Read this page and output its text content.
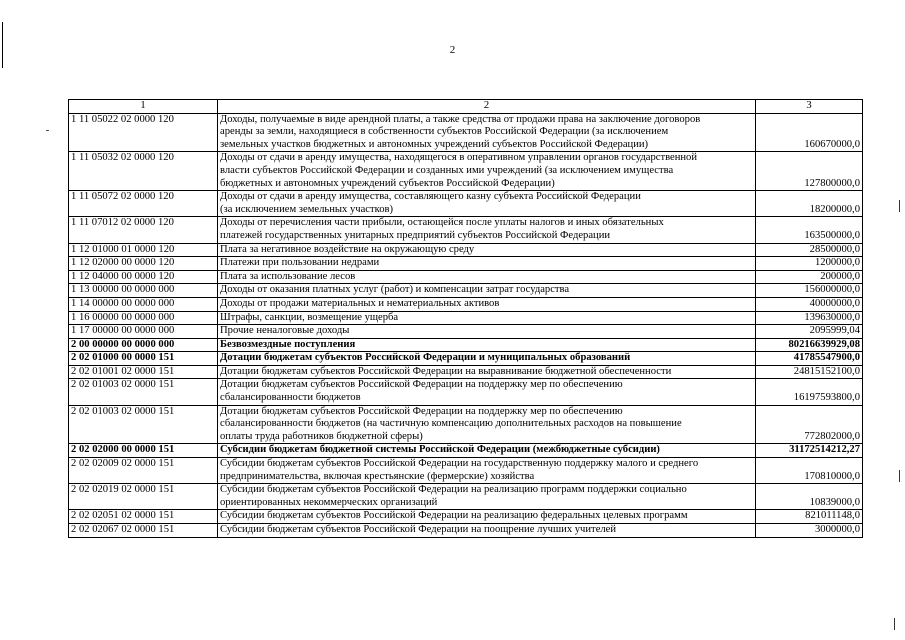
2
1	2	3
1 11 05022 02 0000 120	Доходы, получаемые в виде арендной платы, а также средства от продажи права на заключение договоров
аренды за земли, находящиеся в собственности субъектов Российской Федерации (за исключением
земельных участков бюджетных и автономных учреждений субъектов Российской Федерации)	160670000,0
1 11 05032 02 0000 120	Доходы от сдачи в аренду имущества, находящегося в оперативном управлении органов государственной
власти субъектов Российской Федерации и созданных ими учреждений (за исключением имущества
бюджетных и автономных учреждений субъектов Российской Федерации)	127800000,0
1 11 05072 02 0000 120	Доходы от сдачи в аренду имущества, составляющего казну субъекта Российской Федерации
(за исключением земельных участков)	18200000,0
1 11 07012 02 0000 120	Доходы от перечисления части прибыли, остающейся после уплаты налогов и иных обязательных
платежей государственных унитарных предприятий субъектов Российской Федерации	163500000,0
1 12 01000 01 0000 120	Плата за негативное воздействие на окружающую среду	28500000,0
1 12 02000 00 0000 120	Платежи при пользовании недрами	1200000,0
1 12 04000 00 0000 120	Плата за использование лесов	200000,0
1 13 00000 00 0000 000	Доходы от оказания платных услуг (работ) и компенсации затрат государства	156000000,0
1 14 00000 00 0000 000	Доходы от продажи материальных и нематериальных активов	40000000,0
1 16 00000 00 0000 000	Штрафы, санкции, возмещение ущерба	139630000,0
1 17 00000 00 0000 000	Прочие неналоговые доходы	2095999,04
2 00 00000 00 0000 000	Безвозмездные поступления	80216639929,08
2 02 01000 00 0000 151	Дотации бюджетам субъектов Российской Федерации и муниципальных образований	41785547900,0
2 02 01001 02 0000 151	Дотации бюджетам субъектов Российской Федерации на выравнивание бюджетной обеспеченности	24815152100,0
2 02 01003 02 0000 151	Дотации бюджетам субъектов Российской Федерации на поддержку мер по обеспечению
сбалансированности бюджетов	16197593800,0
2 02 01003 02 0000 151	Дотации бюджетам субъектов Российской Федерации на поддержку мер по обеспечению
сбалансированности бюджетов (на частичную компенсацию дополнительных расходов на повышение
оплаты труда работников бюджетной сферы)	772802000,0
2 02 02000 00 0000 151	Субсидии бюджетам бюджетной системы Российской Федерации (межбюджетные субсидии)	31172514212,27
2 02 02009 02 0000 151	Субсидии бюджетам субъектов Российской Федерации на государственную поддержку малого и среднего
предпринимательства, включая крестьянские (фермерские) хозяйства	170810000,0
2 02 02019 02 0000 151	Субсидии бюджетам субъектов Российской Федерации на реализацию программ поддержки социально
ориентированных некоммерческих организаций	10839000,0
2 02 02051 02 0000 151	Субсидии бюджетам субъектов Российской Федерации на реализацию федеральных целевых программ	821011148,0
2 02 02067 02 0000 151	Субсидии бюджетам субъектов Российской Федерации на поощрение лучших учителей	3000000,0
